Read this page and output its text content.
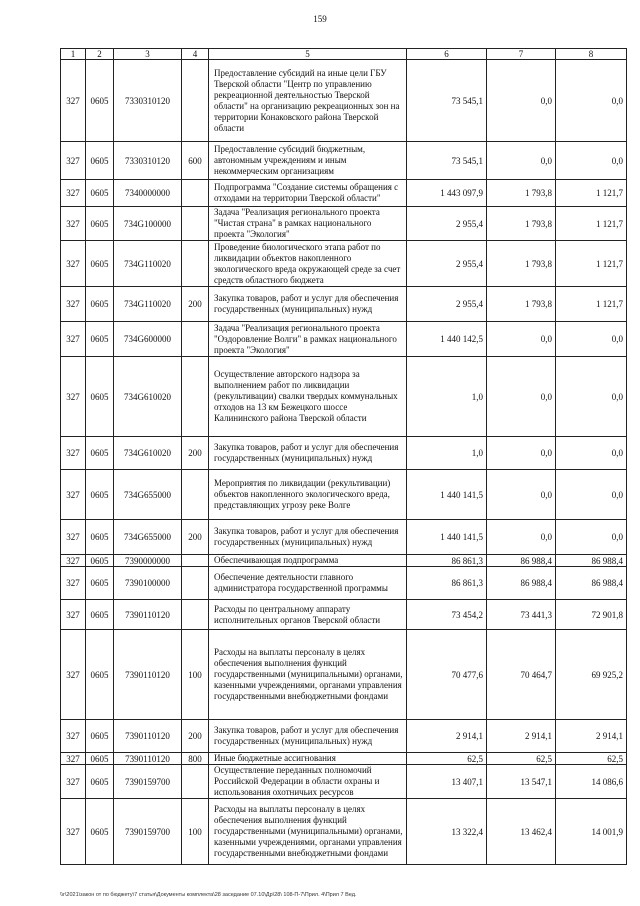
159
1	2	3	4	5	6	7	8
327	0605	7330310120		Предоставление субсидий на иные цели ГБУ Тверской области "Центр по управлению рекреационной деятельностью Тверской области" на организацию рекреационных зон на территории Конаковского района Тверской области	73 545,1	0,0	0,0
327	0605	7330310120	600	Предоставление субсидий бюджетным, автономным учреждениям и иным некоммерческим организациям	73 545,1	0,0	0,0
327	0605	7340000000		Подпрограмма "Создание системы обращения с отходами на территории Тверской области"	1 443 097,9	1 793,8	1 121,7
327	0605	734G100000		Задача "Реализация регионального проекта "Чистая страна" в рамках национального проекта "Экология"	2 955,4	1 793,8	1 121,7
327	0605	734G110020		Проведение биологического этапа работ по ликвидации объектов накопленного экологического вреда окружающей среде за счет средств областного бюджета	2 955,4	1 793,8	1 121,7
327	0605	734G110020	200	Закупка товаров, работ и услуг для обеспечения государственных (муниципальных) нужд	2 955,4	1 793,8	1 121,7
327	0605	734G600000		Задача "Реализация регионального проекта "Оздоровление Волги" в рамках национального проекта "Экология"	1 440 142,5	0,0	0,0
327	0605	734G610020		Осуществление авторского надзора за выполнением работ по ликвидации (рекультивации) свалки твердых коммунальных отходов на 13 км Бежецкого шоссе Калининского района Тверской области	1,0	0,0	0,0
327	0605	734G610020	200	Закупка товаров, работ и услуг для обеспечения государственных (муниципальных) нужд	1,0	0,0	0,0
327	0605	734G655000		Мероприятия по ликвидации (рекультивации) объектов накопленного экологического вреда, представляющих угрозу реке Волге	1 440 141,5	0,0	0,0
327	0605	734G655000	200	Закупка товаров, работ и услуг для обеспечения государственных (муниципальных) нужд	1 440 141,5	0,0	0,0
327	0605	7390000000		Обеспечивающая подпрограмма	86 861,3	86 988,4	86 988,4
327	0605	7390100000		Обеспечение деятельности главного администратора государственной программы	86 861,3	86 988,4	86 988,4
327	0605	7390110120		Расходы по центральному аппарату исполнительных органов Тверской области	73 454,2	73 441,3	72 901,8
327	0605	7390110120	100	Расходы на выплаты персоналу в целях обеспечения выполнения функций государственными (муниципальными) органами, казенными учреждениями, органами управления государственными внебюджетными фондами	70 477,6	70 464,7	69 925,2
327	0605	7390110120	200	Закупка товаров, работ и услуг для обеспечения государственных (муниципальных) нужд	2 914,1	2 914,1	2 914,1
327	0605	7390110120	800	Иные бюджетные ассигнования	62,5	62,5	62,5
327	0605	7390159700		Осуществление переданных полномочий Российской Федерации в области охраны и использования охотничьих ресурсов	13 407,1	13 547,1	14 086,6
327	0605	7390159700	100	Расходы на выплаты персоналу в целях обеспечения выполнения функций государственными (муниципальными) органами, казенными учреждениями, органами управления государственными внебюджетными фондами	13 322,4	13 462,4	14 001,9
\\r\2021\закон от по бюджету\7 статья\Документы комплекта\28 заседание 07.10\Др\28\ 108-П-7\Прил. 4\Прил 7 Вед.
